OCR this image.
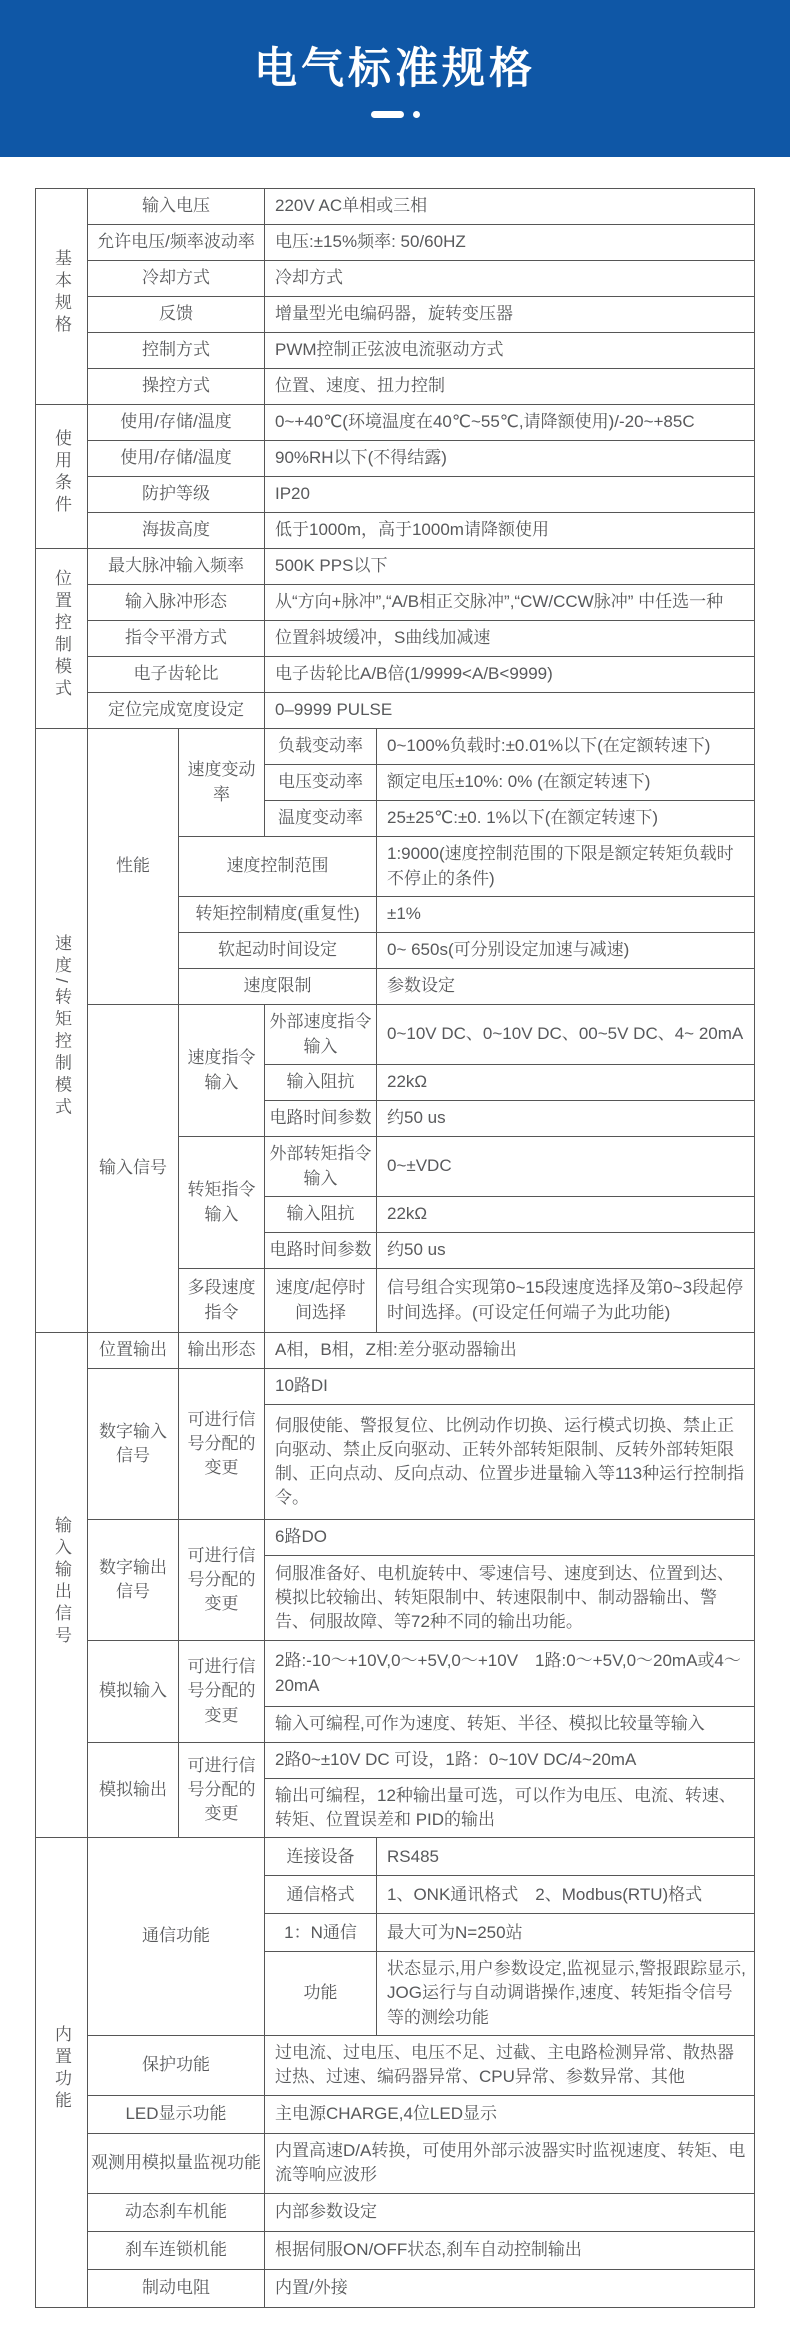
电气标准规格
基本规格	输入电压		220V AC单相或三相	
	允许电压/频率波动率		电压:±15%频率: 50/60HZ	
	冷却方式		冷却方式	
	反馈		增量型光电编码器，旋转变压器	
	控制方式		PWM控制正弦波电流驱动方式	
	操控方式		位置、速度、扭力控制	
使用条件	使用/存储/温度		0~+40℃(环境温度在40℃~55℃,请降额使用)/-20~+85C	
	使用/存储/温度		90%RH以下(不得结露)	
	防护等级		IP20	
	海拔高度		低于1000m，高于1000m请降额使用	
位置控制模式	最大脉冲输入频率		500K PPS以下	
	输入脉冲形态		从“方向+脉冲”,“A/B相正交脉冲”,“CW/CCW脉冲” 中任选一种	
	指令平滑方式		位置斜坡缓冲，S曲线加减速	
	电子齿轮比		电子齿轮比A/B倍(1/9999<A/B<9999)	
	定位完成宽度设定		0–9999 PULSE	
速度/转矩控制模式	性能	速度变动率	负载变动率	0~100%负载时:±0.01%以下(在定额转速下)
			电压变动率	额定电压±10%: 0% (在额定转速下)
			温度变动率	25±25℃:±0. 1%以下(在额定转速下)
		速度控制范围		1:9000(速度控制范围的下限是额定转矩负载时不停止的条件)
		转矩控制精度(重复性)		±1%
		软起动时间设定		0~ 650s(可分别设定加速与减速)
		速度限制		参数设定
	输入信号	速度指令输入	外部速度指令输入	0~10V DC、0~10V DC、00~5V DC、4~ 20mA
			输入阻抗	22kΩ
			电路时间参数	约50 us
		转矩指令输入	外部转矩指令输入	0~±VDC
			输入阻抗	22kΩ
			电路时间参数	约50 us
		多段速度指令	速度/起停时间选择	信号组合实现第0~15段速度选择及第0~3段起停时间选择。(可设定任何端子为此功能)
输入输出信号	位置输出	输出形态	A相，B相，Z相:差分驱动器输出	
	数字输入信号	可进行信号分配的变更	10路DI	
			伺服使能、警报复位、比例动作切换、运行模式切换、禁止正向驱动、禁止反向驱动、正转外部转矩限制、反转外部转矩限制、正向点动、反向点动、位置步进量输入等113种运行控制指令。	
	数字输出信号	可进行信号分配的变更	6路DO	
			伺服准备好、电机旋转中、零速信号、速度到达、位置到达、模拟比较输出、转矩限制中、转速限制中、制动器输出、警告、伺服故障、等72种不同的输出功能。	
	模拟输入	可进行信号分配的变更	2路:-10～+10V,0～+5V,0～+10V　1路:0～+5V,0～20mA或4～20mA	
			输入可编程,可作为速度、转矩、半径、模拟比较量等输入	
	模拟输出	可进行信号分配的变更	2路0~±10V DC 可设，1路：0~10V DC/4~20mA	
			输出可编程，12种输出量可选，可以作为电压、电流、转速、转矩、位置误差和 PID的输出	
内置功能	通信功能		连接设备	RS485
			通信格式	1、ONK通讯格式　2、Modbus(RTU)格式
			1：N通信	最大可为N=250站
			功能	状态显示,用户参数设定,监视显示,警报跟踪显示,JOG运行与自动调谐操作,速度、转矩指令信号等的测绘功能
	保护功能		过电流、过电压、电压不足、过截、主电路检测异常、散热器过热、过速、编码器异常、CPU异常、参数异常、其他	
	LED显示功能		主电源CHARGE,4位LED显示	
	观测用模拟量监视功能		内置高速D/A转换，可使用外部示波器实时监视速度、转矩、电流等响应波形	
	动态刹车机能		内部参数设定	
	刹车连锁机能		根据伺服ON/OFF状态,刹车自动控制输出	
	制动电阻		内置/外接	
